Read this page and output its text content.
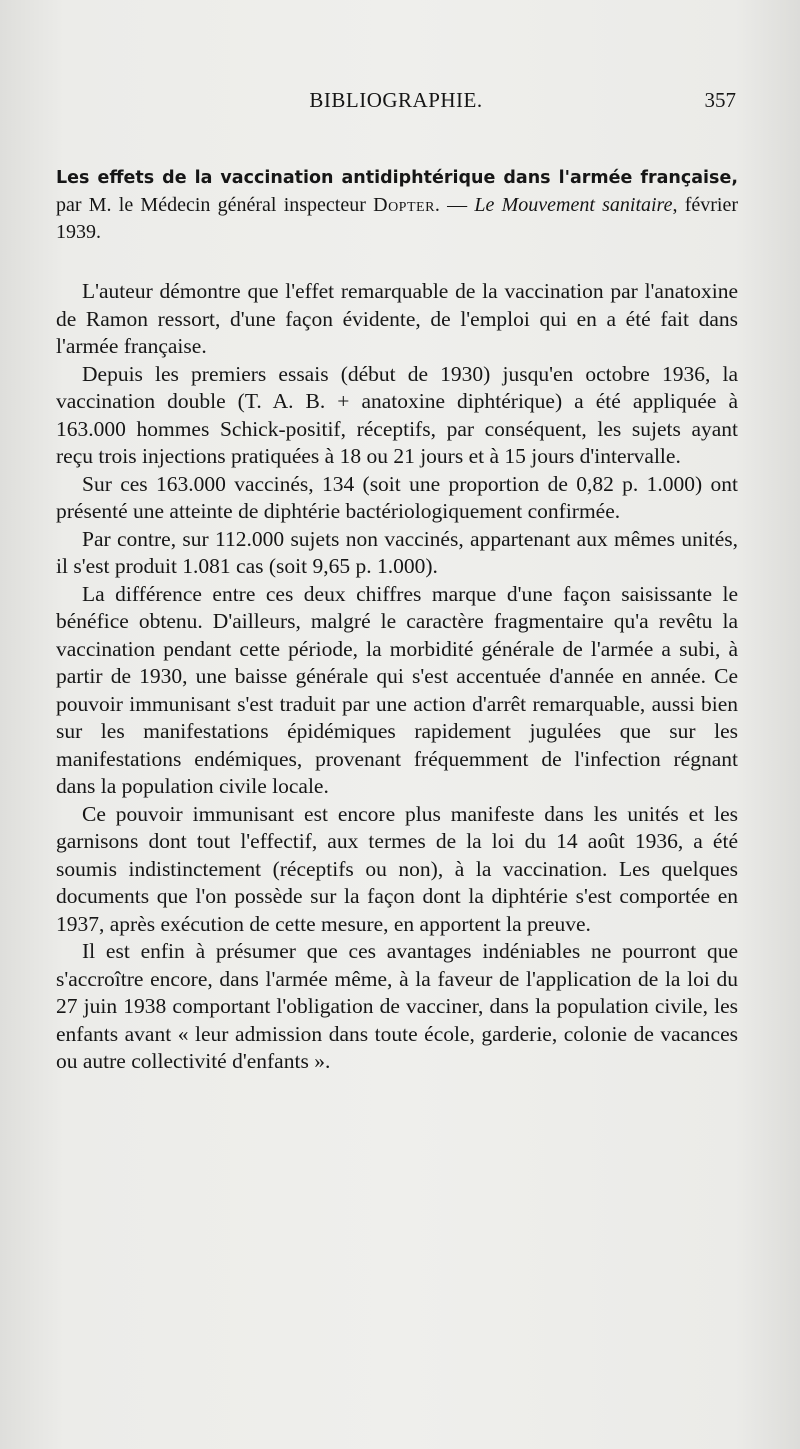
BIBLIOGRAPHIE.	357

Les effets de la vaccination antidiphtérique dans l'armée française, par M. le Médecin général inspecteur Dopter. — Le Mouvement sanitaire, février 1939.

L'auteur démontre que l'effet remarquable de la vaccination par l'anatoxine de Ramon ressort, d'une façon évidente, de l'emploi qui en a été fait dans l'armée française.

Depuis les premiers essais (début de 1930) jusqu'en octobre 1936, la vaccination double (T. A. B. + anatoxine diphtérique) a été appliquée à 163.000 hommes Schick-positif, réceptifs, par conséquent, les sujets ayant reçu trois injections pratiquées à 18 ou 21 jours et à 15 jours d'intervalle.

Sur ces 163.000 vaccinés, 134 (soit une proportion de 0,82 p. 1.000) ont présenté une atteinte de diphtérie bactériologiquement confirmée.

Par contre, sur 112.000 sujets non vaccinés, appartenant aux mêmes unités, il s'est produit 1.081 cas (soit 9,65 p. 1.000).

La différence entre ces deux chiffres marque d'une façon saisissante le bénéfice obtenu. D'ailleurs, malgré le caractère fragmentaire qu'a revêtu la vaccination pendant cette période, la morbidité générale de l'armée a subi, à partir de 1930, une baisse générale qui s'est accentuée d'année en année. Ce pouvoir immunisant s'est traduit par une action d'arrêt remarquable, aussi bien sur les manifestations épidémiques rapidement jugulées que sur les manifestations endémiques, provenant fréquemment de l'infection régnant dans la population civile locale.

Ce pouvoir immunisant est encore plus manifeste dans les unités et les garnisons dont tout l'effectif, aux termes de la loi du 14 août 1936, a été soumis indistinctement (réceptifs ou non), à la vaccination. Les quelques documents que l'on possède sur la façon dont la diphtérie s'est comportée en 1937, après exécution de cette mesure, en apportent la preuve.

Il est enfin à présumer que ces avantages indéniables ne pourront que s'accroître encore, dans l'armée même, à la faveur de l'application de la loi du 27 juin 1938 comportant l'obligation de vacciner, dans la population civile, les enfants avant « leur admission dans toute école, garderie, colonie de vacances ou autre collectivité d'enfants ».
